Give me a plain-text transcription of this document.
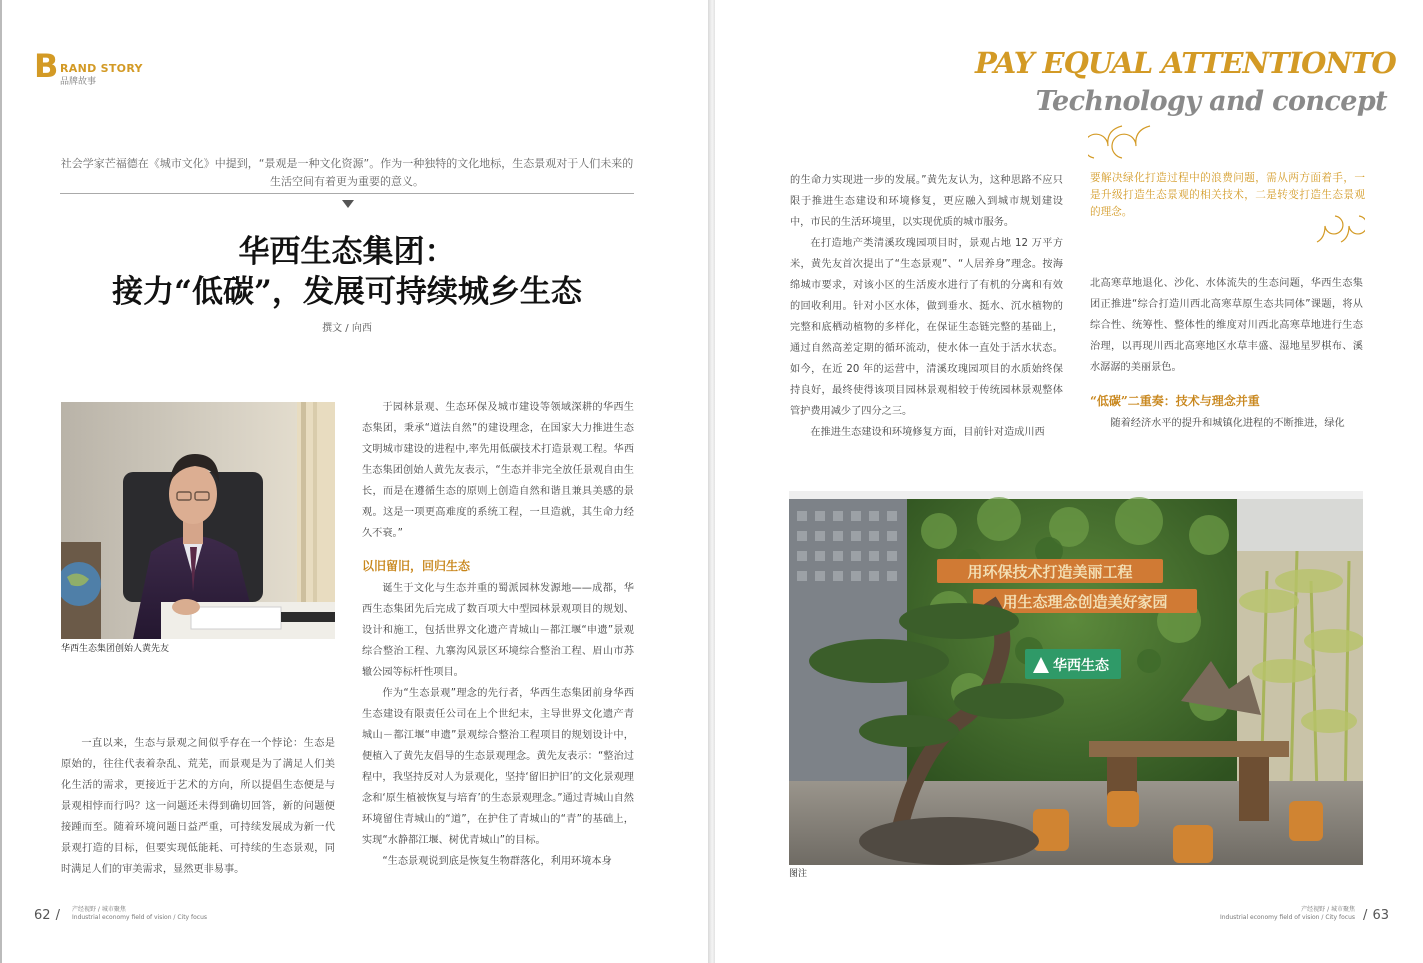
B RAND STORY
品牌故事
社会学家芒福德在《城市文化》中提到，“景观是一种文化资源”。作为一种独特的文化地标，生态景观对于人们未来的生活空间有着更为重要的意义。
华西生态集团：
接力“低碳”，发展可持续城乡生态
撰文 / 向西
华西生态集团创始人黄先友

一直以来，生态与景观之间似乎存在一个悖论：生态是原始的，往往代表着杂乱、荒芜，而景观是为了满足人们美化生活的需求，更接近于艺术的方向，所以提倡生态便是与景观相悖而行吗？这一问题还未得到确切回答，新的问题便接踵而至。随着环境问题日益严重，可持续发展成为新一代景观打造的目标，但要实现低能耗、可持续的生态景观，同时满足人们的审美需求，显然更非易事。

于园林景观、生态环保及城市建设等领域深耕的华西生态集团，秉承“道法自然”的建设理念，在国家大力推进生态文明城市建设的进程中,率先用低碳技术打造景观工程。华西生态集团创始人黄先友表示，“生态并非完全放任景观自由生长，而是在遵循生态的原则上创造自然和谐且兼具美感的景观。这是一项更高难度的系统工程，一旦造就，其生命力经久不衰。”

以旧留旧，回归生态

诞生于文化与生态并重的蜀派园林发源地——成都，华西生态集团先后完成了数百项大中型园林景观项目的规划、设计和施工，包括世界文化遗产青城山－都江堰“申遗”景观综合整治工程、九寨沟风景区环境综合整治工程、眉山市苏辙公园等标杆性项目。

作为“生态景观”理念的先行者，华西生态集团前身华西生态建设有限责任公司在上个世纪末，主导世界文化遗产青城山－都江堰“申遗”景观综合整治工程项目的规划设计中，便植入了黄先友倡导的生态景观理念。黄先友表示：“整治过程中，我坚持反对人为景观化，坚持‘留旧护旧’的文化景观理念和‘原生植被恢复与培育’的生态景观理念。”通过青城山自然环境留住青城山的“道”，在护住了青城山的“青”的基础上，实现“水静都江堰、树优青城山”的目标。

“生态景观说到底是恢复生物群落化，利用环境本身

62 / 产经视野 / 城市聚焦
Industrial economy field of vision / City focus
PAY EQUAL ATTENTIONTO
Technology and concept

的生命力实现进一步的发展。”黄先友认为，这种思路不应只限于推进生态建设和环境修复，更应融入到城市规划建设中，市民的生活环境里，以实现优质的城市服务。

在打造地产类清溪玫瑰园项目时，景观占地 12 万平方米，黄先友首次提出了“生态景观”、“人居养身”理念。按海绵城市要求，对该小区的生活废水进行了有机的分离和有效的回收利用。针对小区水体，做到垂水、挺水、沉水植物的完整和底栖动植物的多样化，在保证生态链完整的基础上，通过自然高差定期的循环流动，使水体一直处于活水状态。如今，在近 20 年的运营中，清溪玫瑰园项目的水质始终保持良好，最终使得该项目园林景观相较于传统园林景观整体管护费用减少了四分之三。

在推进生态建设和环境修复方面，目前针对造成川西

要解决绿化打造过程中的浪费问题，需从两方面着手，一是升级打造生态景观的相关技术，二是转变打造生态景观的理念。

北高寒草地退化、沙化、水体流失的生态问题，华西生态集团正推进“综合打造川西北高寒草原生态共同体”课题，将从综合性、统筹性、整体性的维度对川西北高寒草地进行生态治理，以再现川西北高寒地区水草丰盛、湿地星罗棋布、溪水潺潺的美丽景色。

“低碳”二重奏：技术与理念并重

随着经济水平的提升和城镇化进程的不断推进，绿化

用环保技术打造美丽工程
用生态理念创造美好家园
华西生态
图注
产经视野 / 城市聚焦
Industrial economy field of vision / City focus / 63
